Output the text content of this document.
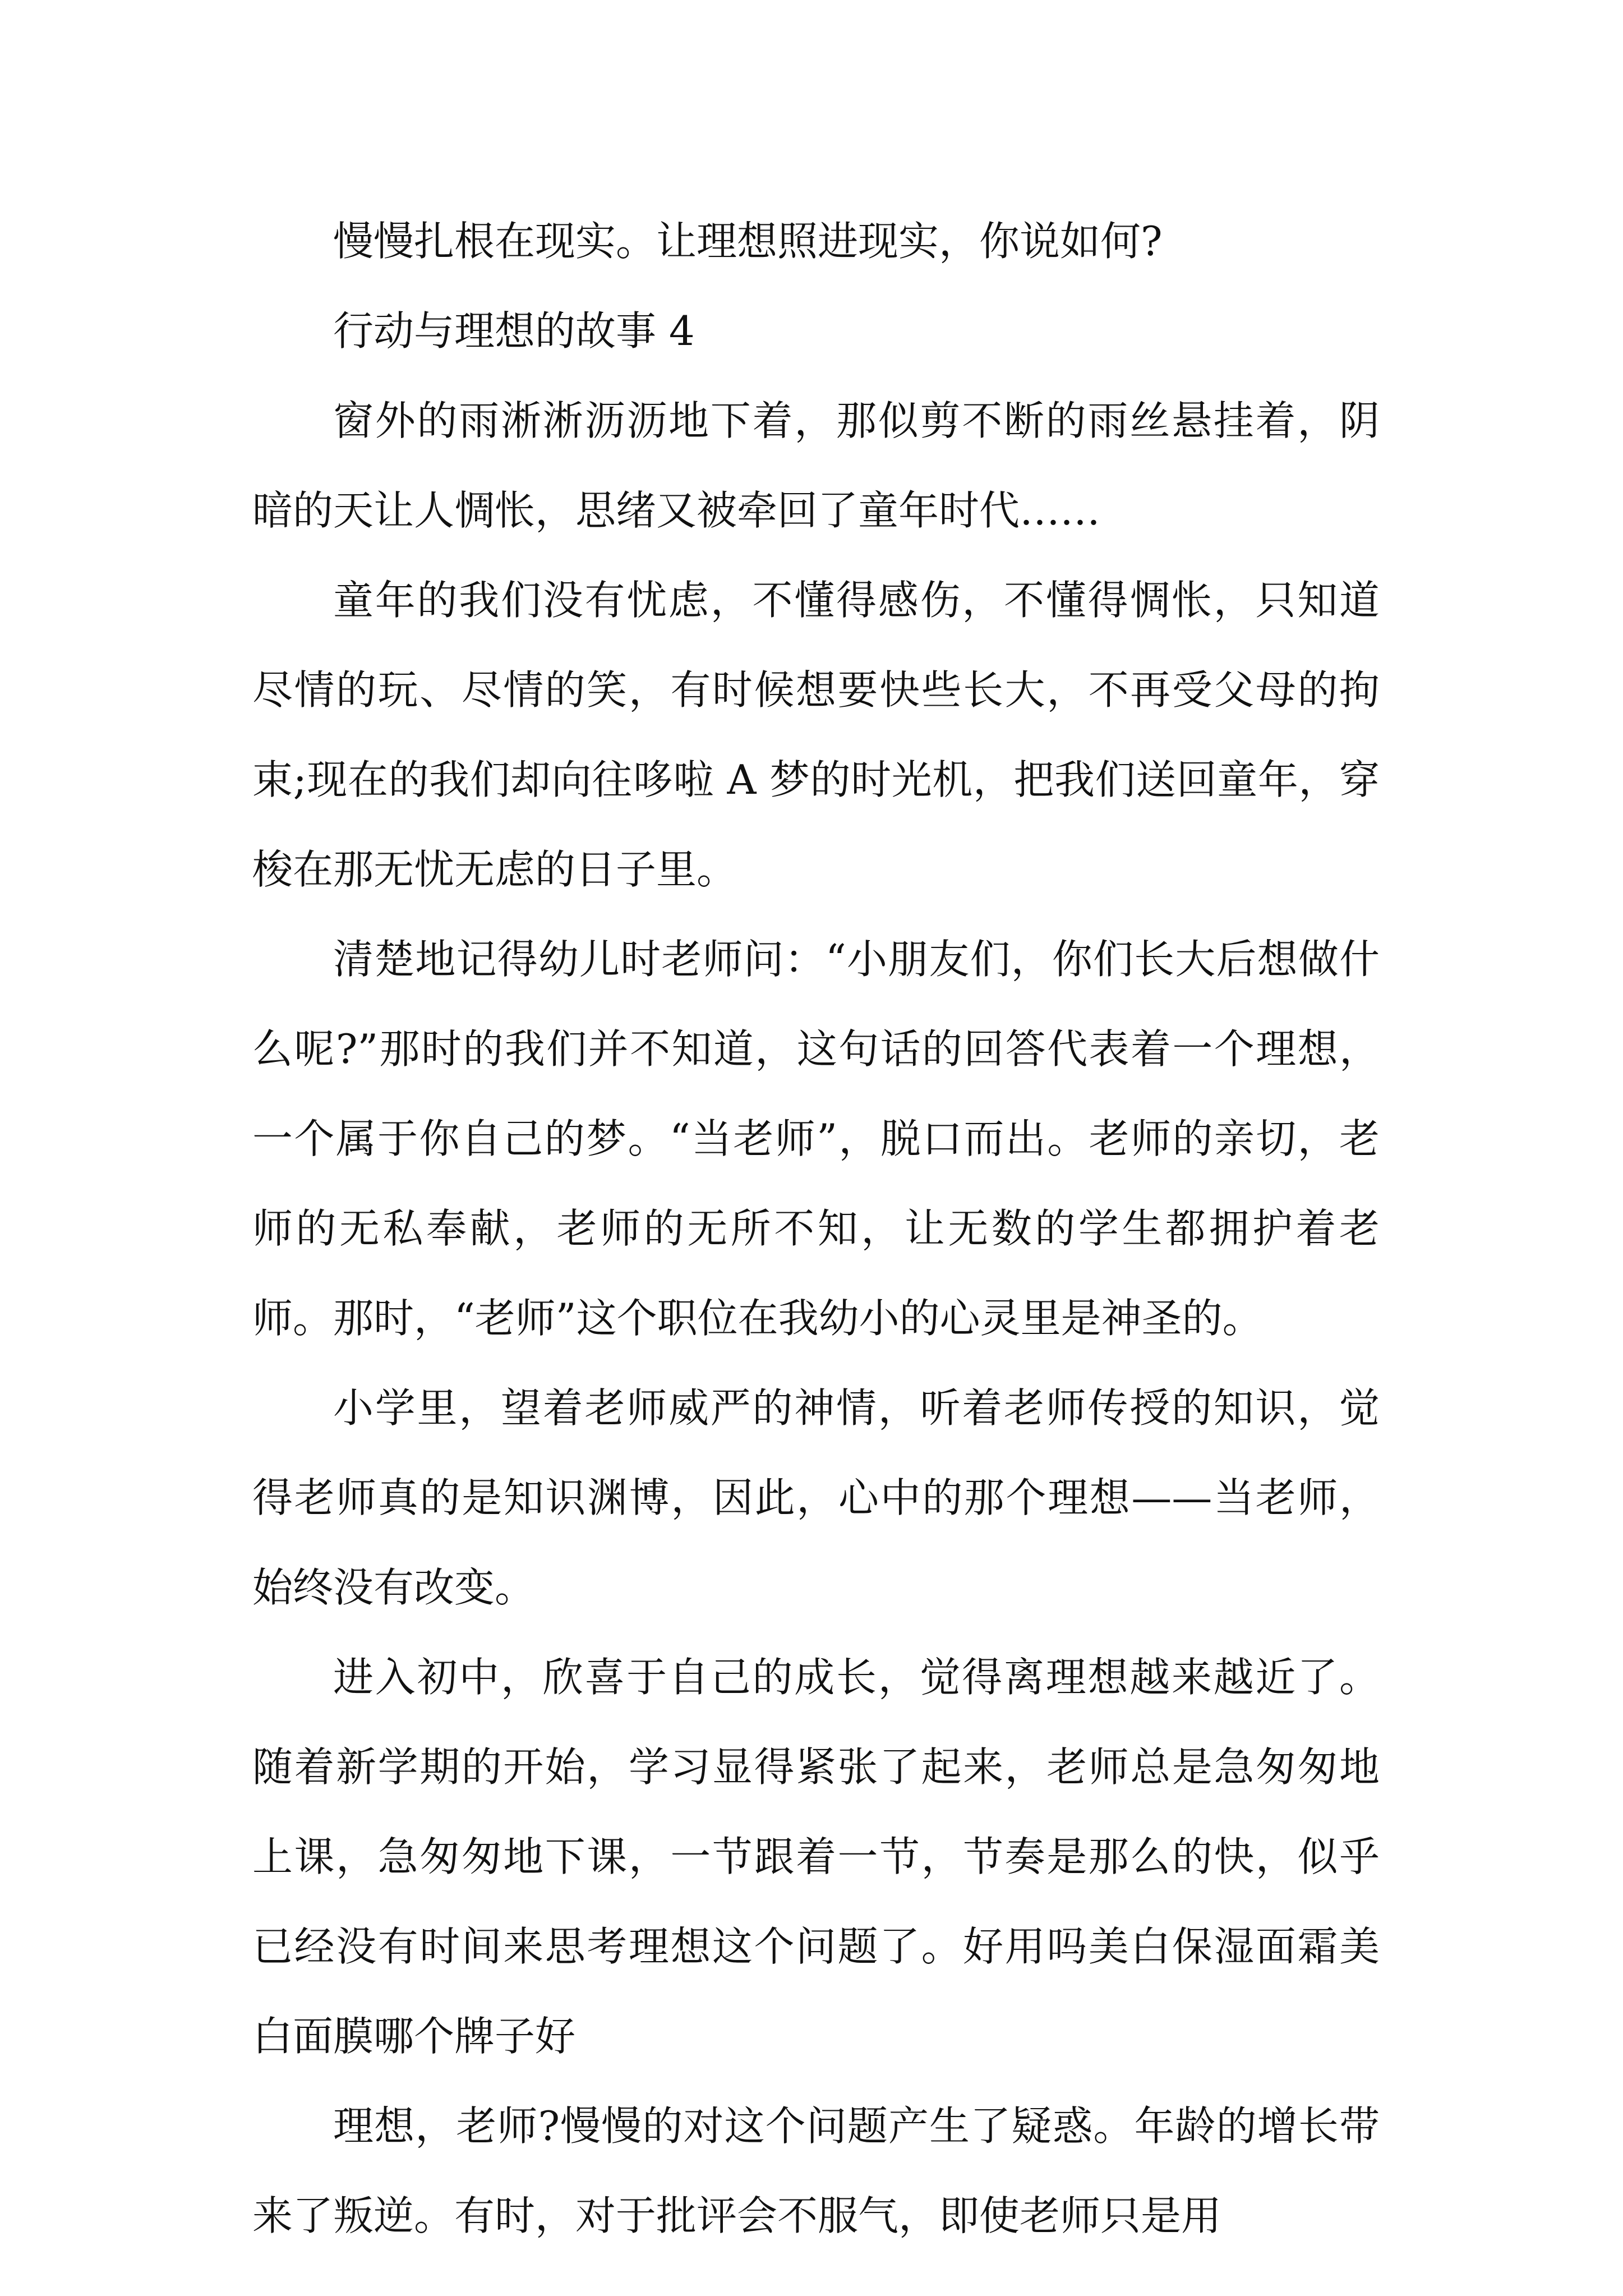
慢慢扎根在现实。让理想照进现实，你说如何?

行动与理想的故事 4

窗外的雨淅淅沥沥地下着，那似剪不断的雨丝悬挂着，阴暗的天让人惆怅，思绪又被牵回了童年时代……

童年的我们没有忧虑，不懂得感伤，不懂得惆怅，只知道尽情的玩、尽情的笑，有时候想要快些长大，不再受父母的拘束;现在的我们却向往哆啦 A 梦的时光机，把我们送回童年，穿梭在那无忧无虑的日子里。

清楚地记得幼儿时老师问：“小朋友们，你们长大后想做什么呢?”那时的我们并不知道，这句话的回答代表着一个理想，一个属于你自己的梦。“当老师”，脱口而出。老师的亲切，老师的无私奉献，老师的无所不知，让无数的学生都拥护着老师。那时，“老师”这个职位在我幼小的心灵里是神圣的。

小学里，望着老师威严的神情，听着老师传授的知识，觉得老师真的是知识渊博，因此，心中的那个理想——当老师，始终没有改变。

进入初中，欣喜于自己的成长，觉得离理想越来越近了。随着新学期的开始，学习显得紧张了起来，老师总是急匆匆地上课，急匆匆地下课，一节跟着一节，节奏是那么的快，似乎已经没有时间来思考理想这个问题了。好用吗美白保湿面霜美白面膜哪个牌子好

理想，老师?慢慢的对这个问题产生了疑惑。年龄的增长带来了叛逆。有时，对于批评会不服气，即使老师只是用
